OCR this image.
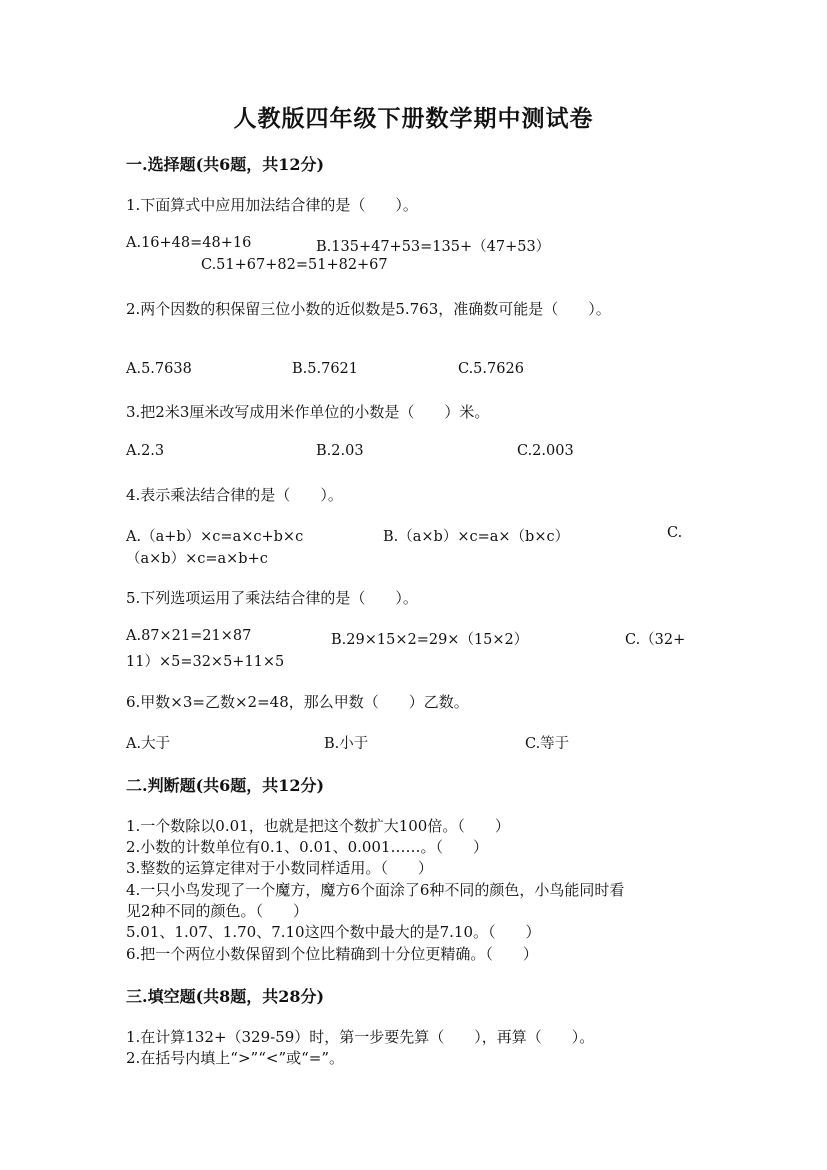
人教版四年级下册数学期中测试卷
一.选择题(共6题，共12分)
1.下面算式中应用加法结合律的是（　　）。
A.16+48=48+16	B.135+47+53=135+（47+53）
C.51+67+82=51+82+67
2.两个因数的积保留三位小数的近似数是5.763，准确数可能是（　　）。
A.5.7638	B.5.7621	C.5.7626
3.把2米3厘米改写成用米作单位的小数是（　　）米。
A.2.3	B.2.03	C.2.003
4.表示乘法结合律的是（　　）。
A.（a+b）×c=a×c+b×c	B.（a×b）×c=a×（b×c）	C.
（a×b）×c=a×b+c
5.下列选项运用了乘法结合律的是（　　）。
A.87×21=21×87	B.29×15×2=29×（15×2）	C.（32+
11）×5=32×5+11×5
6.甲数×3=乙数×2=48，那么甲数（　　）乙数。
A.大于	B.小于	C.等于
二.判断题(共6题，共12分)
1.一个数除以0.01，也就是把这个数扩大100倍。（　　）
2.小数的计数单位有0.1、0.01、0.001……。（　　）
3.整数的运算定律对于小数同样适用。（　　）
4.一只小鸟发现了一个魔方，魔方6个面涂了6种不同的颜色，小鸟能同时看
见2种不同的颜色。（　　）
5.01、1.07、1.70、7.10这四个数中最大的是7.10。（　　）
6.把一个两位小数保留到个位比精确到十分位更精确。（　　）
三.填空题(共8题，共28分)
1.在计算132+（329-59）时，第一步要先算（　　），再算（　　）。
2.在括号内填上“>”“<”或“=”。
